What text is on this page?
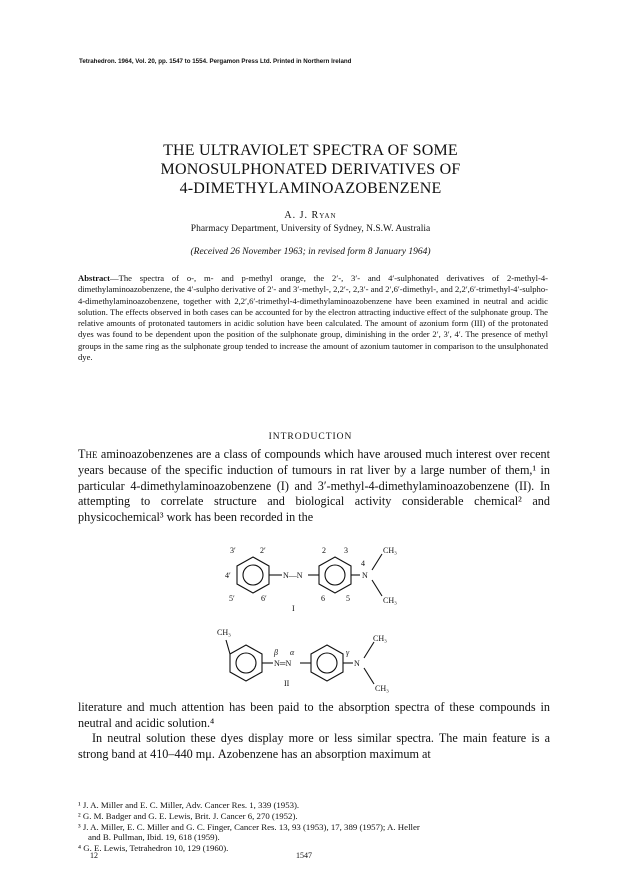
Tetrahedron. 1964, Vol. 20, pp. 1547 to 1554. Pergamon Press Ltd. Printed in Northern Ireland
THE ULTRAVIOLET SPECTRA OF SOME
MONOSULPHONATED DERIVATIVES OF
4-DIMETHYLAMINOAZOBENZENE
A. J. Ryan
Pharmacy Department, University of Sydney, N.S.W. Australia
(Received 26 November 1963; in revised form 8 January 1964)
Abstract—The spectra of o-, m- and p-methyl orange, the 2′-, 3′- and 4′-sulphonated derivatives of 2-methyl-4-dimethylaminoazobenzene, the 4′-sulpho derivative of 2′- and 3′-methyl-, 2,2′-, 2,3′- and 2′,6′-dimethyl-, and 2,2′,6′-trimethyl-4′-sulpho-4-dimethylaminoazobenzene, together with 2,2′,6′-trimethyl-4-dimethylaminoazobenzene have been examined in neutral and acidic solution. The effects observed in both cases can be accounted for by the electron attracting inductive effect of the sulphonate group. The relative amounts of protonated tautomers in acidic solution have been calculated. The amount of azonium form (III) of the protonated dyes was found to be dependent upon the position of the sulphonate group, diminishing in the order 2′, 3′, 4′. The presence of methyl groups in the same ring as the sulphonate group tended to increase the amount of azonium tautomer in comparison to the unsulphonated dye.
INTRODUCTION
The aminoazobenzenes are a class of compounds which have aroused much interest over recent years because of the specific induction of tumours in rat liver by a large number of them,¹ in particular 4-dimethylaminoazobenzene (I) and 3′-methyl-4-dimethylaminoazobenzene (II). In attempting to correlate structure and biological activity considerable chemical² and physicochemical³ work has been recorded in the
3′	2′	2 3
4′
4
5′	6′	6	5
N—N	N
CH₃
CH₃
I
CH₃
β α	γ
N═N	N
CH₃
CH₃
II
literature and much attention has been paid to the absorption spectra of these compounds in neutral and acidic solution.⁴
In neutral solution these dyes display more or less similar spectra. The main feature is a strong band at 410–440 mμ. Azobenzene has an absorption maximum at
¹ J. A. Miller and E. C. Miller, Adv. Cancer Res. 1, 339 (1953).
² G. M. Badger and G. E. Lewis, Brit. J. Cancer 6, 270 (1952).
³ J. A. Miller, E. C. Miller and G. C. Finger, Cancer Res. 13, 93 (1953), 17, 389 (1957); A. Heller
and B. Pullman, Ibid. 19, 618 (1959).
⁴ G. E. Lewis, Tetrahedron 10, 129 (1960).
12	1547
